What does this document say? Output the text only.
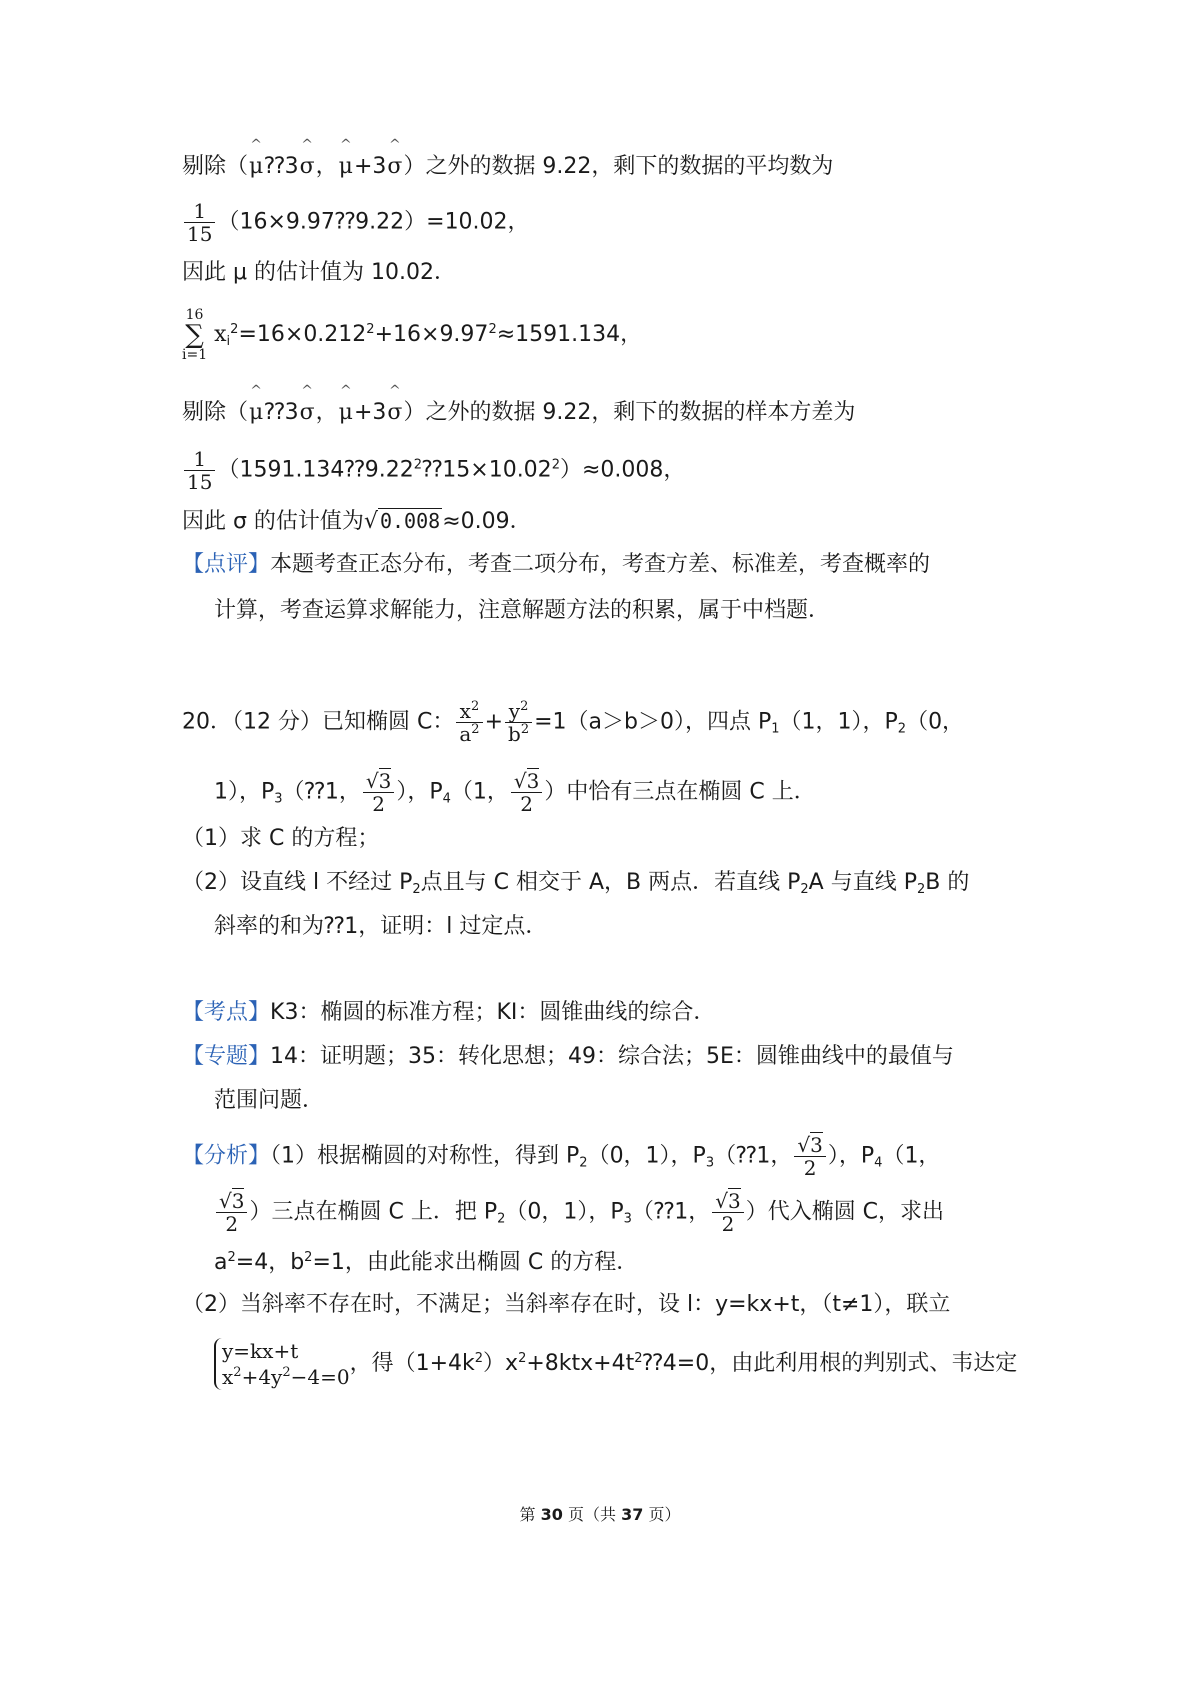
剔除（^ μ⁇3^ σ，^ μ+3^ σ）之外的数据 9.22，剩下的数据的平均数为
$\frac{1}{15}$ （16×9.97⁇9.22）=10.02，
因此 μ 的估计值为 10.02．
16
∑
i=1 $x_i^2=16\times 0.212^2+16\times 9.97^2\approx 1591.134$，
剔除（^ μ⁇3^ σ，^ μ+3^ σ）之外的数据 9.22，剩下的数据的样本方差为
$\frac{1}{15}$ $(1591.134⁇9.22^2⁇15\times 10.02^2)\approx 0.008$，
因此 σ 的估计值为√ 0.008≈0.09．
【点评】本题考查正态分布，考查二项分布，考查方差、标准差，考查概率的
计算，考查运算求解能力，注意解题方法的积累，属于中档题．
20．（12 分）已知椭圆 C： $\frac{x^2}{a^2} + \frac{y^2}{b^2} =1(a>b>0)$，四点 $P_1(1$，1），$P_2(0$，
1），$P_3(⁇1$， $\frac{√3}{2}$ ），$P_4(1$， $\frac{√3}{2}$ ）中恰有三点在椭圆 C 上．
（1）求 C 的方程；
（2）设直线 l 不经过 $P_2$点且与 C 相交于 A，B 两点．若直线 $P_2A$ 与直线 $P_2B$ 的
斜率的和为⁇1，证明：l 过定点．
【考点】K3：椭圆的标准方程；KI：圆锥曲线的综合．
【专题】14：证明题；35：转化思想；49：综合法；5E：圆锥曲线中的最值与
范围问题．
【分析】（1）根据椭圆的对称性，得到 $P_2(0$，1），$P_3(⁇1$， $\frac{√3}{2}$ ），$P_4(1$，
$\frac{√3}{2}$ ）三点在椭圆 C 上．把 $P_2(0$，1），$P_3(⁇1$， $\frac{√3}{2}$ ）代入椭圆 C，求出
$a^2=4$，$b^2=1$，由此能求出椭圆 C 的方程．
（2）当斜率不存在时，不满足；当斜率存在时，设 l：y=kx+t，（t≠1），联立
y=kx+t
$x^2+4y^2-4=0$
，得$(1+4k^2)x^2+8ktx+4t^2⁇4=0$，由此利用根的判别式、韦达定
第 30 页（共 37 页）
